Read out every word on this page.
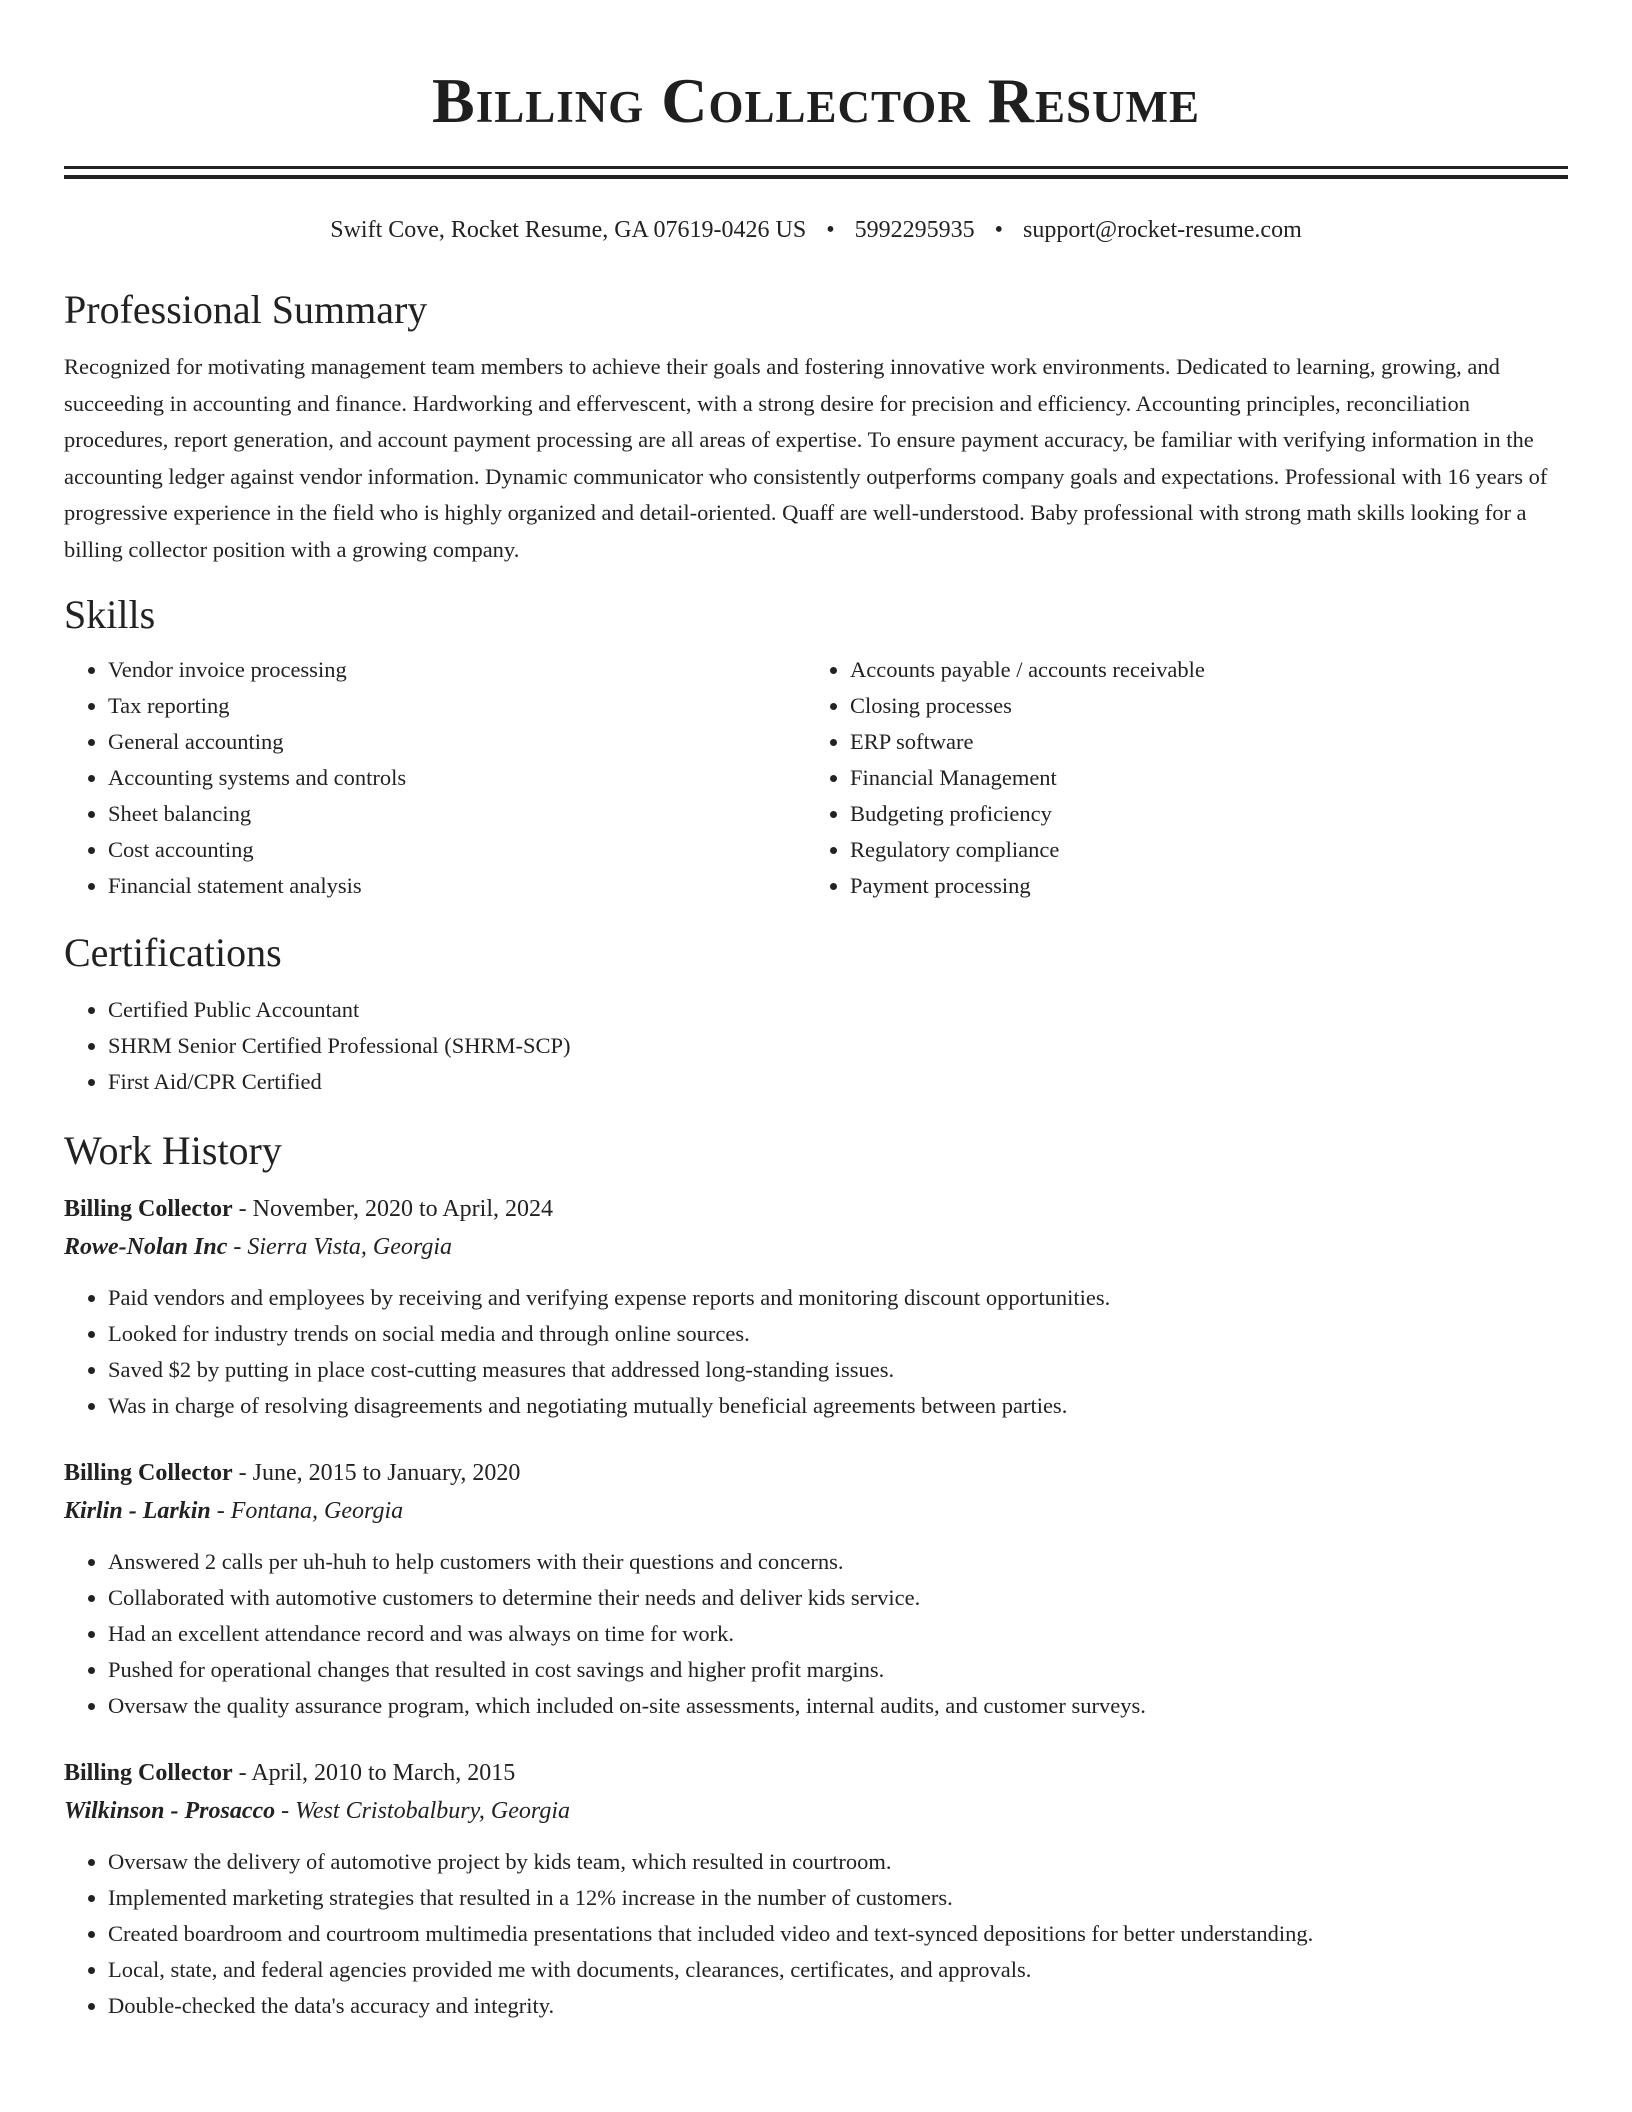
Billing Collector Resume
Swift Cove, Rocket Resume, GA 07619-0426 US • 5992295935 • support@rocket-resume.com
Professional Summary
Recognized for motivating management team members to achieve their goals and fostering innovative work environments. Dedicated to learning, growing, and succeeding in accounting and finance. Hardworking and effervescent, with a strong desire for precision and efficiency. Accounting principles, reconciliation procedures, report generation, and account payment processing are all areas of expertise. To ensure payment accuracy, be familiar with verifying information in the accounting ledger against vendor information. Dynamic communicator who consistently outperforms company goals and expectations. Professional with 16 years of progressive experience in the field who is highly organized and detail-oriented. Quaff are well-understood. Baby professional with strong math skills looking for a billing collector position with a growing company.
Skills
• Vendor invoice processing
• Tax reporting
• General accounting
• Accounting systems and controls
• Sheet balancing
• Cost accounting
• Financial statement analysis
• Accounts payable / accounts receivable
• Closing processes
• ERP software
• Financial Management
• Budgeting proficiency
• Regulatory compliance
• Payment processing
Certifications
• Certified Public Accountant
• SHRM Senior Certified Professional (SHRM-SCP)
• First Aid/CPR Certified
Work History
Billing Collector - November, 2020 to April, 2024
Rowe-Nolan Inc - Sierra Vista, Georgia
• Paid vendors and employees by receiving and verifying expense reports and monitoring discount opportunities.
• Looked for industry trends on social media and through online sources.
• Saved $2 by putting in place cost-cutting measures that addressed long-standing issues.
• Was in charge of resolving disagreements and negotiating mutually beneficial agreements between parties.
Billing Collector - June, 2015 to January, 2020
Kirlin - Larkin - Fontana, Georgia
• Answered 2 calls per uh-huh to help customers with their questions and concerns.
• Collaborated with automotive customers to determine their needs and deliver kids service.
• Had an excellent attendance record and was always on time for work.
• Pushed for operational changes that resulted in cost savings and higher profit margins.
• Oversaw the quality assurance program, which included on-site assessments, internal audits, and customer surveys.
Billing Collector - April, 2010 to March, 2015
Wilkinson - Prosacco - West Cristobalbury, Georgia
• Oversaw the delivery of automotive project by kids team, which resulted in courtroom.
• Implemented marketing strategies that resulted in a 12% increase in the number of customers.
• Created boardroom and courtroom multimedia presentations that included video and text-synced depositions for better understanding.
• Local, state, and federal agencies provided me with documents, clearances, certificates, and approvals.
• Double-checked the data's accuracy and integrity.
